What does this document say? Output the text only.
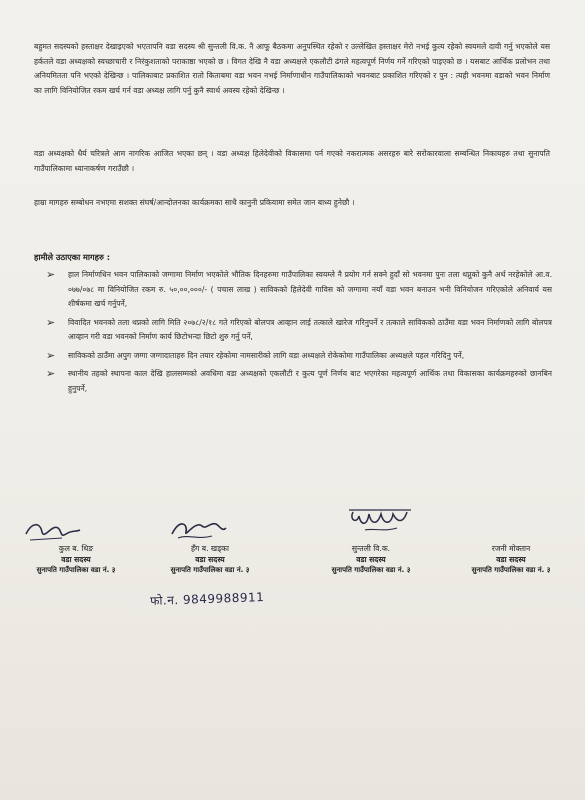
बहुमत सदस्यको हस्ताक्षर देखाइएको भएतापनि वडा सदस्य श्री सुन्तली वि.क. नै आफू बैठकमा अनुपस्थित रहेको र उल्लेखित हस्ताक्षर मेरो नभई कुत्य रहेको स्वयमले दावी गर्नु भएकोले यस हर्कतले वडा अध्यक्षको स्वच्छाचारी र निरंकुशताको पराकाष्ठा भएको छ । विगत देखि नै वडा अध्यक्षले एकलौटी ढंगले महत्वपूर्ण निर्णय गर्ने गरिएको पाइएको छ । यसबाट आर्थिक प्रलोभन तथा अनियमितता पनि भएको देखिन्छ । पालिकाबाट प्रकाशित रातो किताबमा वडा भवन नभई निर्माणाधीन गाउँपालिकाको भवनबाट प्रकाशित गरिएको र पुन : त्यही भवनमा वडाको भवन निर्माण का लागि विनियोजित रकम खर्च गर्न वडा अध्यक्ष लागि पर्नु कुनै स्वार्थ अवस्य रहेको देखिन्छ ।
वडा अध्यक्षको धैर्य चरित्रले आम नागरिक आजित भएका छन् । वडा अध्यक्ष हिलेदेवीको विकासमा पर्न गएको नकरात्मक असरहरु बारे सरोकारवाला सम्बन्धित निकायहरु तथा सुनापति गाउँपालिकामा ध्यानाकर्षण गराउँछौ ।
हाम्रा मागहरु सम्बोधन नभएमा सशक्त संघर्ष/आन्दोलनका कार्यक्रमका साथै कानुनी प्रकियामा समेत जान बाध्य हुनेछौ ।
हामीले उठाएका मागहरु :
➢ हाल निर्माणधिन भवन पालिकाको जग्गामा निर्माण भएकोले भौतिक दिनहरुमा गाउँपालिका स्वयम्ले नै प्रयोग गर्न सक्ने हुदाँ सो भवनमा पुनः तला थप्नुको कुनै अर्थ नरहेकोले आ.व. ०७७/०७८ मा विनियोजित रकम रु. ५०,००,०००/- ( पचास लाख ) साविकको हिलेदेवी गाविस को जग्गामा नयाँ वडा भवन बनाउन भनी विनियोजन गरिएकोले अनिवार्य यस शीर्षकमा खर्च गर्नुपर्ने,
➢ विवादित भवनको तला थप्नको लागि मिति २०७८/२/१८ गते गरिएको बोलपत्र आव्हान लाई तत्काले खारेज गरिनुपर्ने र तत्काले साविकको ठाउँमा वडा भवन निर्माणको लागि बोलपत्र आव्हान गरी वडा भवनको निर्माण कार्य छिटोभन्दा छिटो शुरु गर्नु पर्ने,
➢ साविकको ठाउँमा अपुग जग्गा जग्गादाताहरु दिन तयार रहेकोमा नामसारीको लागि वडा अध्यक्षले रोकेकोमा गाउँपालिका अध्यक्षले पहल गरिदिनु पर्ने,
➢ स्थानीय तहको स्थापना काल देखि हालसम्मको अवधिमा वडा अध्यक्षको एकलौटी र कुत्य पूर्ण निर्णय बाट भएगरेका महत्वपूर्ण आर्थिक तथा विकासका कार्यक्रमहरुको छानबिन हुनुपर्ने,
कुल ब. थिङ
वडा सदस्य
सुनापति गाउँपालिका वडा नं. ३
हँग ब. खड्का
वडा सदस्य
सुनापति गाउँपालिका वडा नं. ३
सुन्तली वि.क.
वडा सदस्य
सुनापति गाउँपालिका वडा नं. ३
रजनी मोक्तान
वडा सदस्य
सुनापति गाउँपालिका वडा नं. ३
फो.न. 9849988911
